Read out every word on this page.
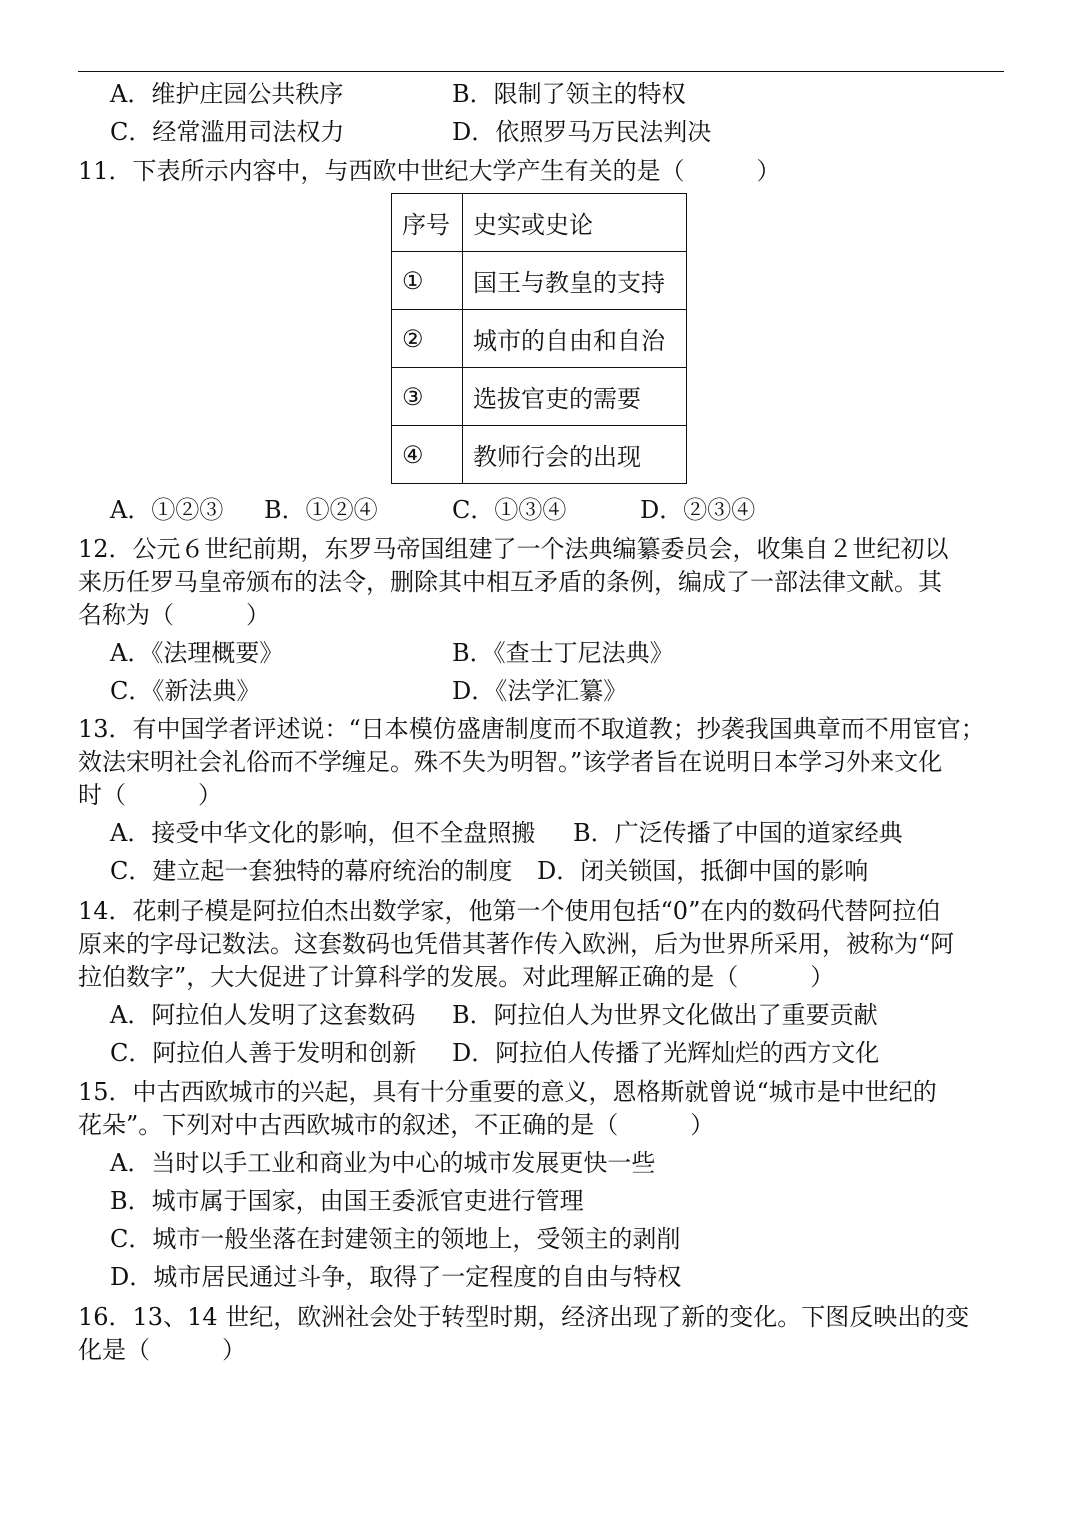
A．维护庄园公共秩序	B．限制了领主的特权
C．经常滥用司法权力	D．依照罗马万民法判决
11．下表所示内容中，与西欧中世纪大学产生有关的是（　　　）
序号	史实或史论
①	国王与教皇的支持
②	城市的自由和自治
③	选拔官吏的需要
④	教师行会的出现
A．①②③ B．①②④	C．①③④	D．②③④
12．公元６世纪前期，东罗马帝国组建了一个法典编纂委员会，收集自２世纪初以
来历任罗马皇帝颁布的法令，删除其中相互矛盾的条例，编成了一部法律文献。其
名称为（　　　）
A．《法理概要》	B．《查士丁尼法典》
C．《新法典》	D．《法学汇纂》
13．有中国学者评述说：“日本模仿盛唐制度而不取道教；抄袭我国典章而不用宦官；
效法宋明社会礼俗而不学缠足。殊不失为明智。”该学者旨在说明日本学习外来文化
时（　　　）
A．接受中华文化的影响，但不全盘照搬 B．广泛传播了中国的道家经典
C．建立起一套独特的幕府统治的制度 D．闭关锁国，抵御中国的影响
14．花剌子模是阿拉伯杰出数学家，他第一个使用包括“0”在内的数码代替阿拉伯
原来的字母记数法。这套数码也凭借其著作传入欧洲，后为世界所采用，被称为“阿
拉伯数字”，大大促进了计算科学的发展。对此理解正确的是（　　　）
A．阿拉伯人发明了这套数码 B．阿拉伯人为世界文化做出了重要贡献
C．阿拉伯人善于发明和创新 D．阿拉伯人传播了光辉灿烂的西方文化
15．中古西欧城市的兴起，具有十分重要的意义，恩格斯就曾说“城市是中世纪的
花朵”。下列对中古西欧城市的叙述，不正确的是（　　　）
A．当时以手工业和商业为中心的城市发展更快一些
B．城市属于国家，由国王委派官吏进行管理
C．城市一般坐落在封建领主的领地上，受领主的剥削
D．城市居民通过斗争，取得了一定程度的自由与特权
16．13、14 世纪，欧洲社会处于转型时期，经济出现了新的变化。下图反映出的变
化是（　　　）
